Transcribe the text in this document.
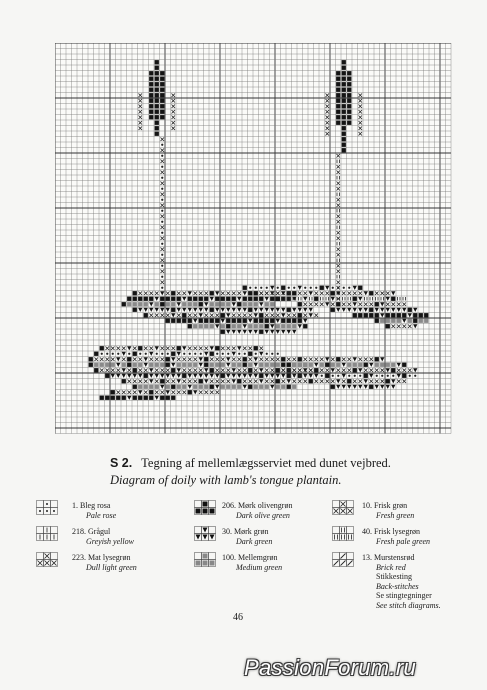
S 2. Tegning af mellemlægsserviet med dunet vejbred.
Diagram of doily with lamb's tongue plantain.
1. Bleg rosa
Pale rose
218. Grågul
Greyish yellow
223. Mat lysegrøn
Dull light green
206. Mørk olivengrøn
Dark olive green
30. Mørk grøn
Dark green
100. Mellemgrøn
Medium green
10. Frisk grøn
Fresh green
40. Frisk lysegrøn
Fresh pale green
13. Murstensrød
Brick red
Stikkesting
Back-stitches
Se stingtegninger
See stitch diagrams.
46
PassionForum.ru
